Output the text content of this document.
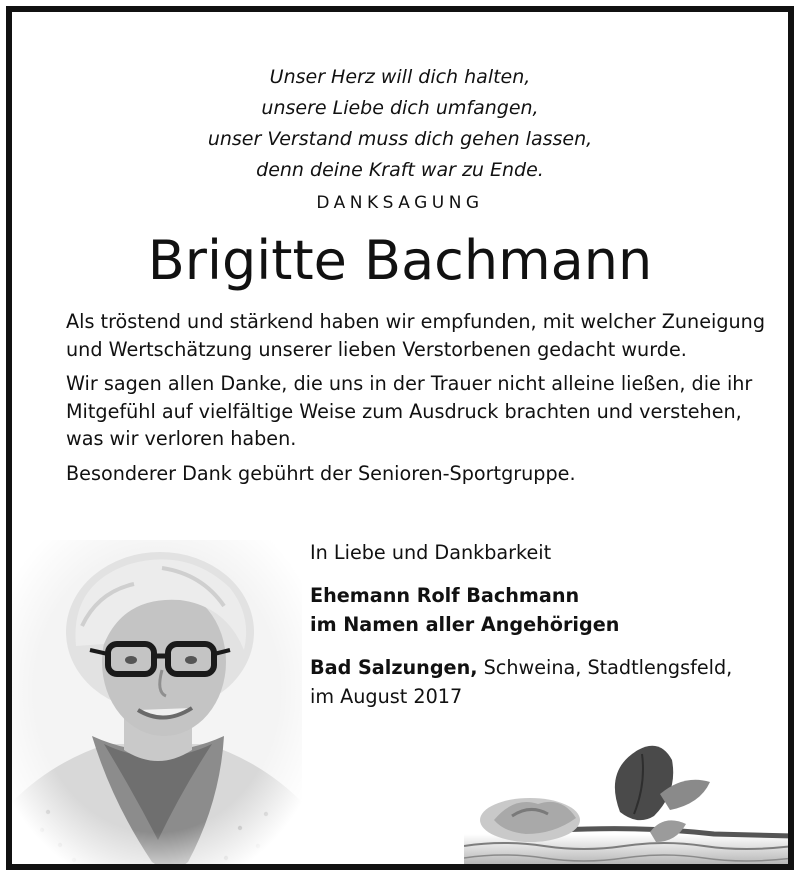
Unser Herz will dich halten,
unsere Liebe dich umfangen,
unser Verstand muss dich gehen lassen,
denn deine Kraft war zu Ende.
DANKSAGUNG
Brigitte Bachmann

Als tröstend und stärkend haben wir empfunden, mit welcher Zuneigung und Wertschätzung unserer lieben Verstorbenen gedacht wurde.

Wir sagen allen Danke, die uns in der Trauer nicht alleine ließen, die ihr Mitgefühl auf vielfältige Weise zum Ausdruck brachten und verstehen, was wir verloren haben.

Besonderer Dank gebührt der Senioren-Sportgruppe.

In Liebe und Dankbarkeit
Ehemann Rolf Bachmann
im Namen aller Angehörigen
Bad Salzungen, Schweina, Stadtlengsfeld,
im August 2017
